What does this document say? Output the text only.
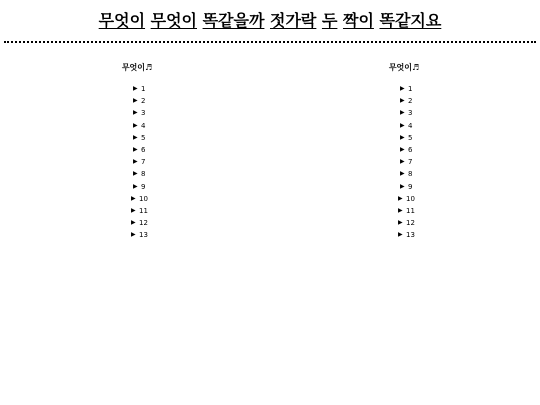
무엇이 무엇이 똑같을까 젓가락 두 짝이 똑같지요
무엇이♬
▶ 1
▶ 2
▶ 3
▶ 4
▶ 5
▶ 6
▶ 7
▶ 8
▶ 9
▶ 10
▶ 11
▶ 12
▶ 13
무엇이♬
▶ 1
▶ 2
▶ 3
▶ 4
▶ 5
▶ 6
▶ 7
▶ 8
▶ 9
▶ 10
▶ 11
▶ 12
▶ 13
